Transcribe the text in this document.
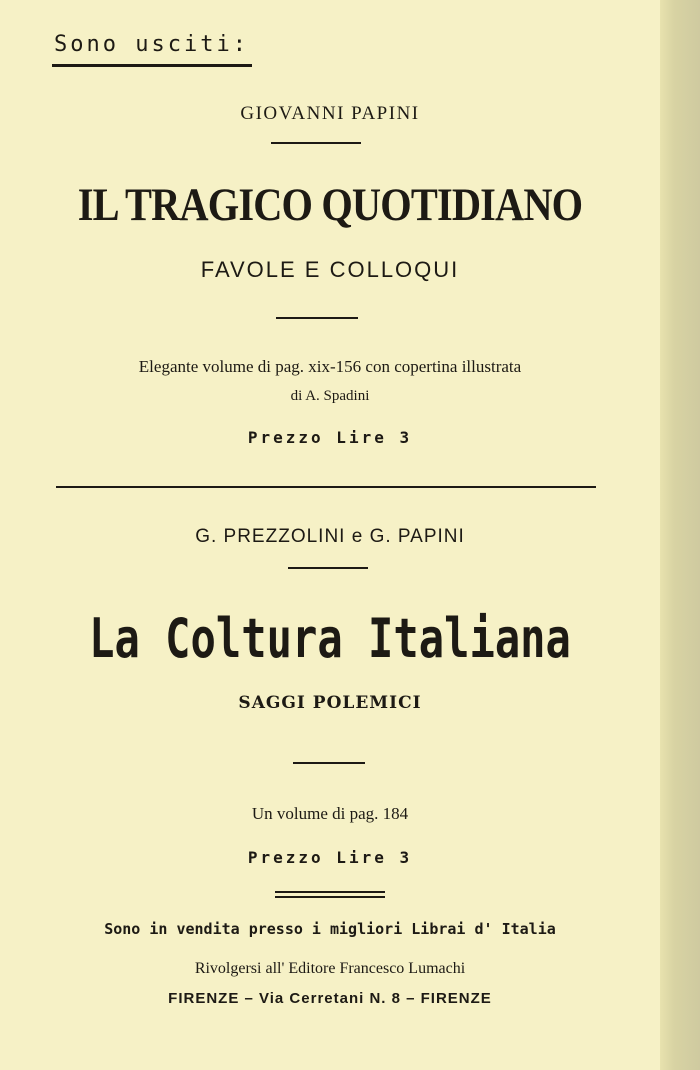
Sono usciti:
GIOVANNI PAPINI
IL TRAGICO QUOTIDIANO
FAVOLE E COLLOQUI
Elegante volume di pag. xix-156 con copertina illustrata
di A. Spadini
Prezzo Lire 3
G. PREZZOLINI e G. PAPINI
La Coltura Italiana
SAGGI POLEMICI
Un volume di pag. 184
Prezzo Lire 3
Sono in vendita presso i migliori Librai d' Italia
Rivolgersi all' Editore Francesco Lumachi
FIRENZE – Via Cerretani N. 8 – FIRENZE
